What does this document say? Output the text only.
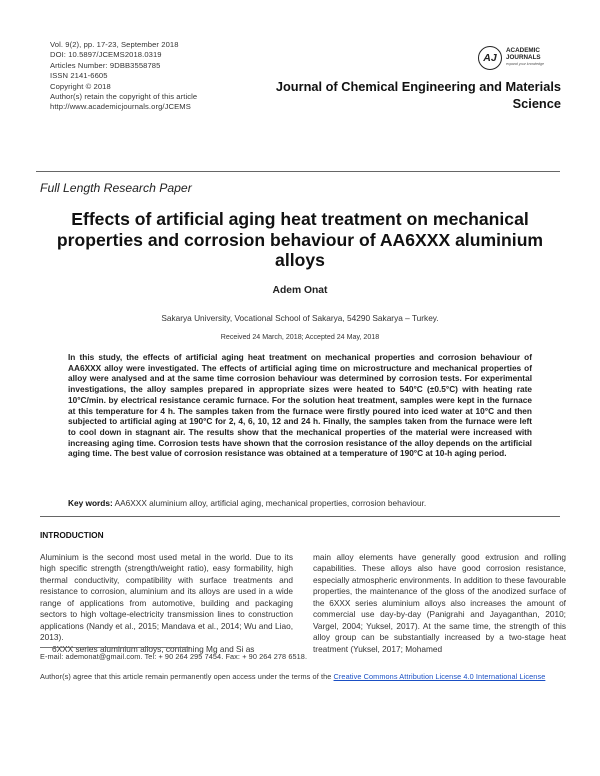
Vol. 9(2), pp. 17-23, September 2018
DOI: 10.5897/JCEMS2018.0319
Articles Number: 9DBB3558785
ISSN 2141-6605
Copyright © 2018
Author(s) retain the copyright of this article
http://www.academicjournals.org/JCEMS
AJ
ACADEMIC
JOURNALS
expand your knowledge
Journal of Chemical Engineering and Materials
Science
Full Length Research Paper
Effects of artificial aging heat treatment on mechanical properties and corrosion behaviour of AA6XXX aluminium alloys
Adem Onat
Sakarya University, Vocational School of Sakarya, 54290 Sakarya – Turkey.
Received 24 March, 2018; Accepted 24 May, 2018
In this study, the effects of artificial aging heat treatment on mechanical properties and corrosion behaviour of AA6XXX alloy were investigated. The effects of artificial aging time on microstructure and mechanical properties of alloy were analysed and at the same time corrosion behaviour was determined by corrosion tests. For experimental investigations, the alloy samples prepared in appropriate sizes were heated to 540°C (±0.5°C) with heating rate 10°C/min. by electrical resistance ceramic furnace. For the solution heat treatment, samples were kept in the furnace at this temperature for 4 h. The samples taken from the furnace were firstly poured into iced water at 10°C and then subjected to artificial aging at 190°C for 2, 4, 6, 10, 12 and 24 h. Finally, the samples taken from the furnace were left to cool down in stagnant air. The results show that the mechanical properties of the material were increased with increasing aging time. Corrosion tests have shown that the corrosion resistance of the alloy depends on the artificial aging time. The best value of corrosion resistance was obtained at a temperature of 190°C at 10-h aging period.
Key words: AA6XXX aluminium alloy, artificial aging, mechanical properties, corrosion behaviour.
INTRODUCTION

Aluminium is the second most used metal in the world. Due to its high specific strength (strength/weight ratio), easy formability, high thermal conductivity, compatibility with surface treatments and resistance to corrosion, aluminium and its alloys are used in a wide range of applications from automotive, building and packaging sectors to high voltage-electricity transmission lines to construction applications (Nandy et al., 2015; Mandava et al., 2014; Wu and Liao, 2013).

6XXX series aluminium alloys, containing Mg and Si as

main alloy elements have generally good extrusion and rolling capabilities. These alloys also have good corrosion resistance, especially atmospheric environments. In addition to these favourable properties, the maintenance of the gloss of the anodized surface of the 6XXX series aluminium alloys also increases the amount of commercial use day-by-day (Panigrahi and Jayaganthan, 2010; Vargel, 2004; Yuksel, 2017). At the same time, the strength of this alloy group can be substantially increased by a two-stage heat treatment (Yuksel, 2017; Mohamed

E-mail: ademonat@gmail.com. Tel: + 90 264 295 7454. Fax: + 90 264 278 6518.
Author(s) agree that this article remain permanently open access under the terms of the Creative Commons Attribution License 4.0 International License
